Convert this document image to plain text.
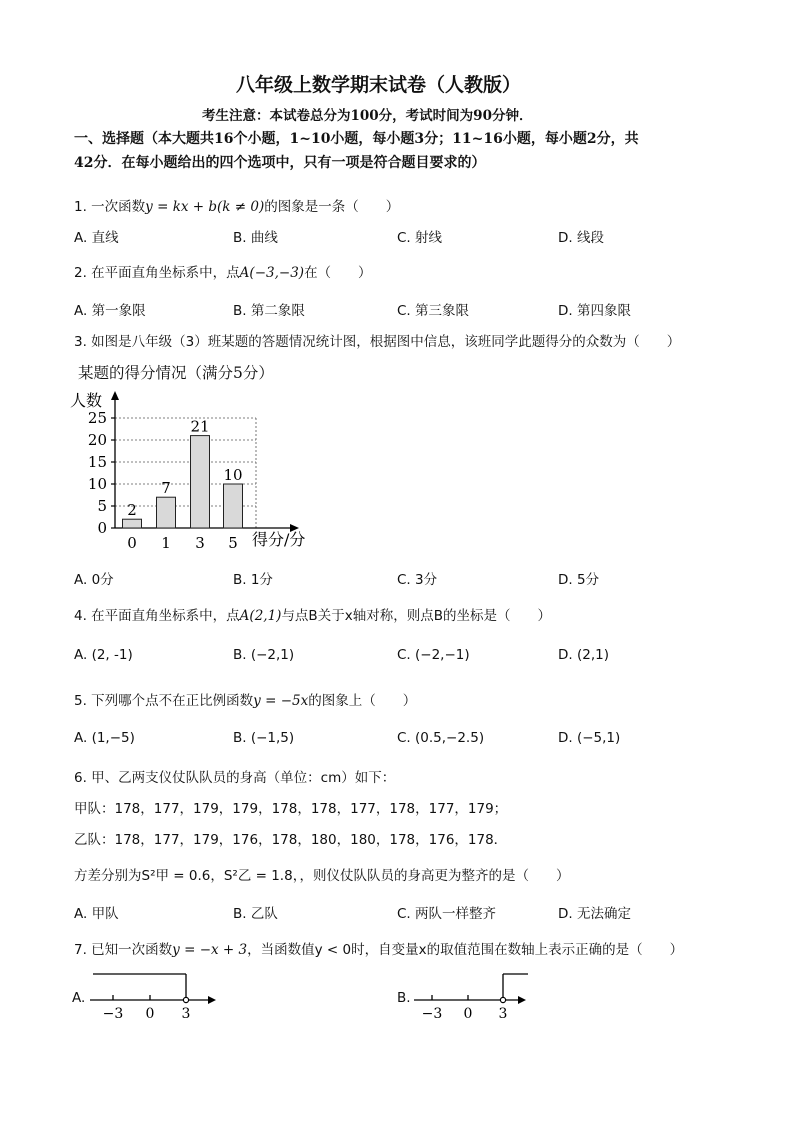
八年级上数学期末试卷（人教版）
考生注意：本试卷总分为100分，考试时间为90分钟．
一、选择题（本大题共16个小题，1~10小题，每小题3分；11~16小题，每小题2分，共
42分．在每小题给出的四个选项中，只有一项是符合题目要求的）
1. 一次函数y = kx + b(k ≠ 0)的图象是一条（　　）
A. 直线	B. 曲线	C. 射线	D. 线段
2. 在平面直角坐标系中，点A(−3,−3)在（　　）
A. 第一象限	B. 第二象限	C. 第三象限	D. 第四象限
3. 如图是八年级（3）班某题的答题情况统计图，根据图中信息，该班同学此题得分的众数为（　　）
某题的得分情况（满分5分）
0
5
10
15
20
25
人数
2
0
7
1
21
3
10
5 得分/分
A. 0分	B. 1分	C. 3分	D. 5分
4. 在平面直角坐标系中，点A(2,1)与点B关于x轴对称，则点B的坐标是（　　）
A. (2, -1)	B. (−2,1)	C. (−2,−1)	D. (2,1)
5. 下列哪个点不在正比例函数y = −5x的图象上（　　）
A. (1,−5)	B. (−1,5)	C. (0.5,−2.5)	D. (−5,1)
6. 甲、乙两支仪仗队队员的身高（单位：cm）如下：
甲队：178，177，179，179，178，178，177，178，177，179；
乙队：178，177，179，176，178，180，180，178，176，178．
方差分别为S²甲 = 0.6，S²乙 = 1.8，，则仪仗队队员的身高更为整齐的是（　　）
A. 甲队	B. 乙队	C. 两队一样整齐	D. 无法确定
7. 已知一次函数y = −x + 3，当函数值y < 0时，自变量x的取值范围在数轴上表示正确的是（　　）
A.
−3 0 3
B.
−3 0 3
